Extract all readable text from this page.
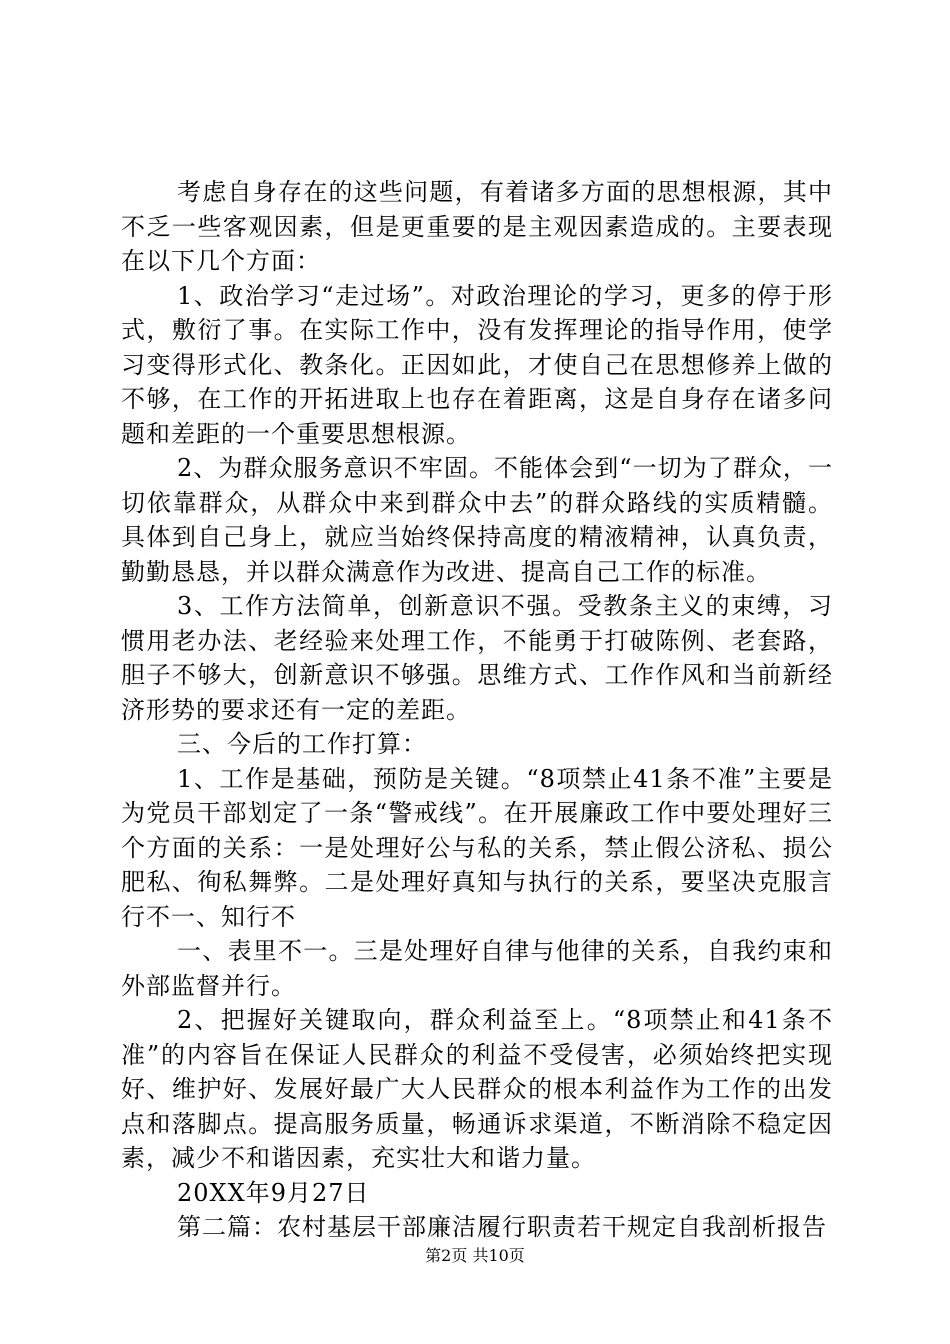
考虑自身存在的这些问题，有着诸多方面的思想根源，其中不乏一些客观因素，但是更重要的是主观因素造成的。主要表现在以下几个方面：

1、政治学习“走过场”。对政治理论的学习，更多的停于形式，敷衍了事。在实际工作中，没有发挥理论的指导作用，使学习变得形式化、教条化。正因如此，才使自己在思想修养上做的不够，在工作的开拓进取上也存在着距离，这是自身存在诸多问题和差距的一个重要思想根源。

2、为群众服务意识不牢固。不能体会到“一切为了群众，一切依靠群众，从群众中来到群众中去”的群众路线的实质精髓。具体到自己身上，就应当始终保持高度的精液精神，认真负责，勤勤恳恳，并以群众满意作为改进、提高自己工作的标准。

3、工作方法简单，创新意识不强。受教条主义的束缚，习惯用老办法、老经验来处理工作，不能勇于打破陈例、老套路，胆子不够大，创新意识不够强。思维方式、工作作风和当前新经济形势的要求还有一定的差距。

三、今后的工作打算：

1、工作是基础，预防是关键。“8项禁止41条不准”主要是为党员干部划定了一条“警戒线”。在开展廉政工作中要处理好三个方面的关系：一是处理好公与私的关系，禁止假公济私、损公肥私、徇私舞弊。二是处理好真知与执行的关系，要坚决克服言行不一、知行不

一、表里不一。三是处理好自律与他律的关系，自我约束和外部监督并行。

2、把握好关键取向，群众利益至上。“8项禁止和41条不准”的内容旨在保证人民群众的利益不受侵害，必须始终把实现好、维护好、发展好最广大人民群众的根本利益作为工作的出发点和落脚点。提高服务质量，畅通诉求渠道，不断消除不稳定因素，减少不和谐因素，充实壮大和谐力量。

20XX年9月27日

第二篇：农村基层干部廉洁履行职责若干规定自我剖析报告

第2页 共10页
